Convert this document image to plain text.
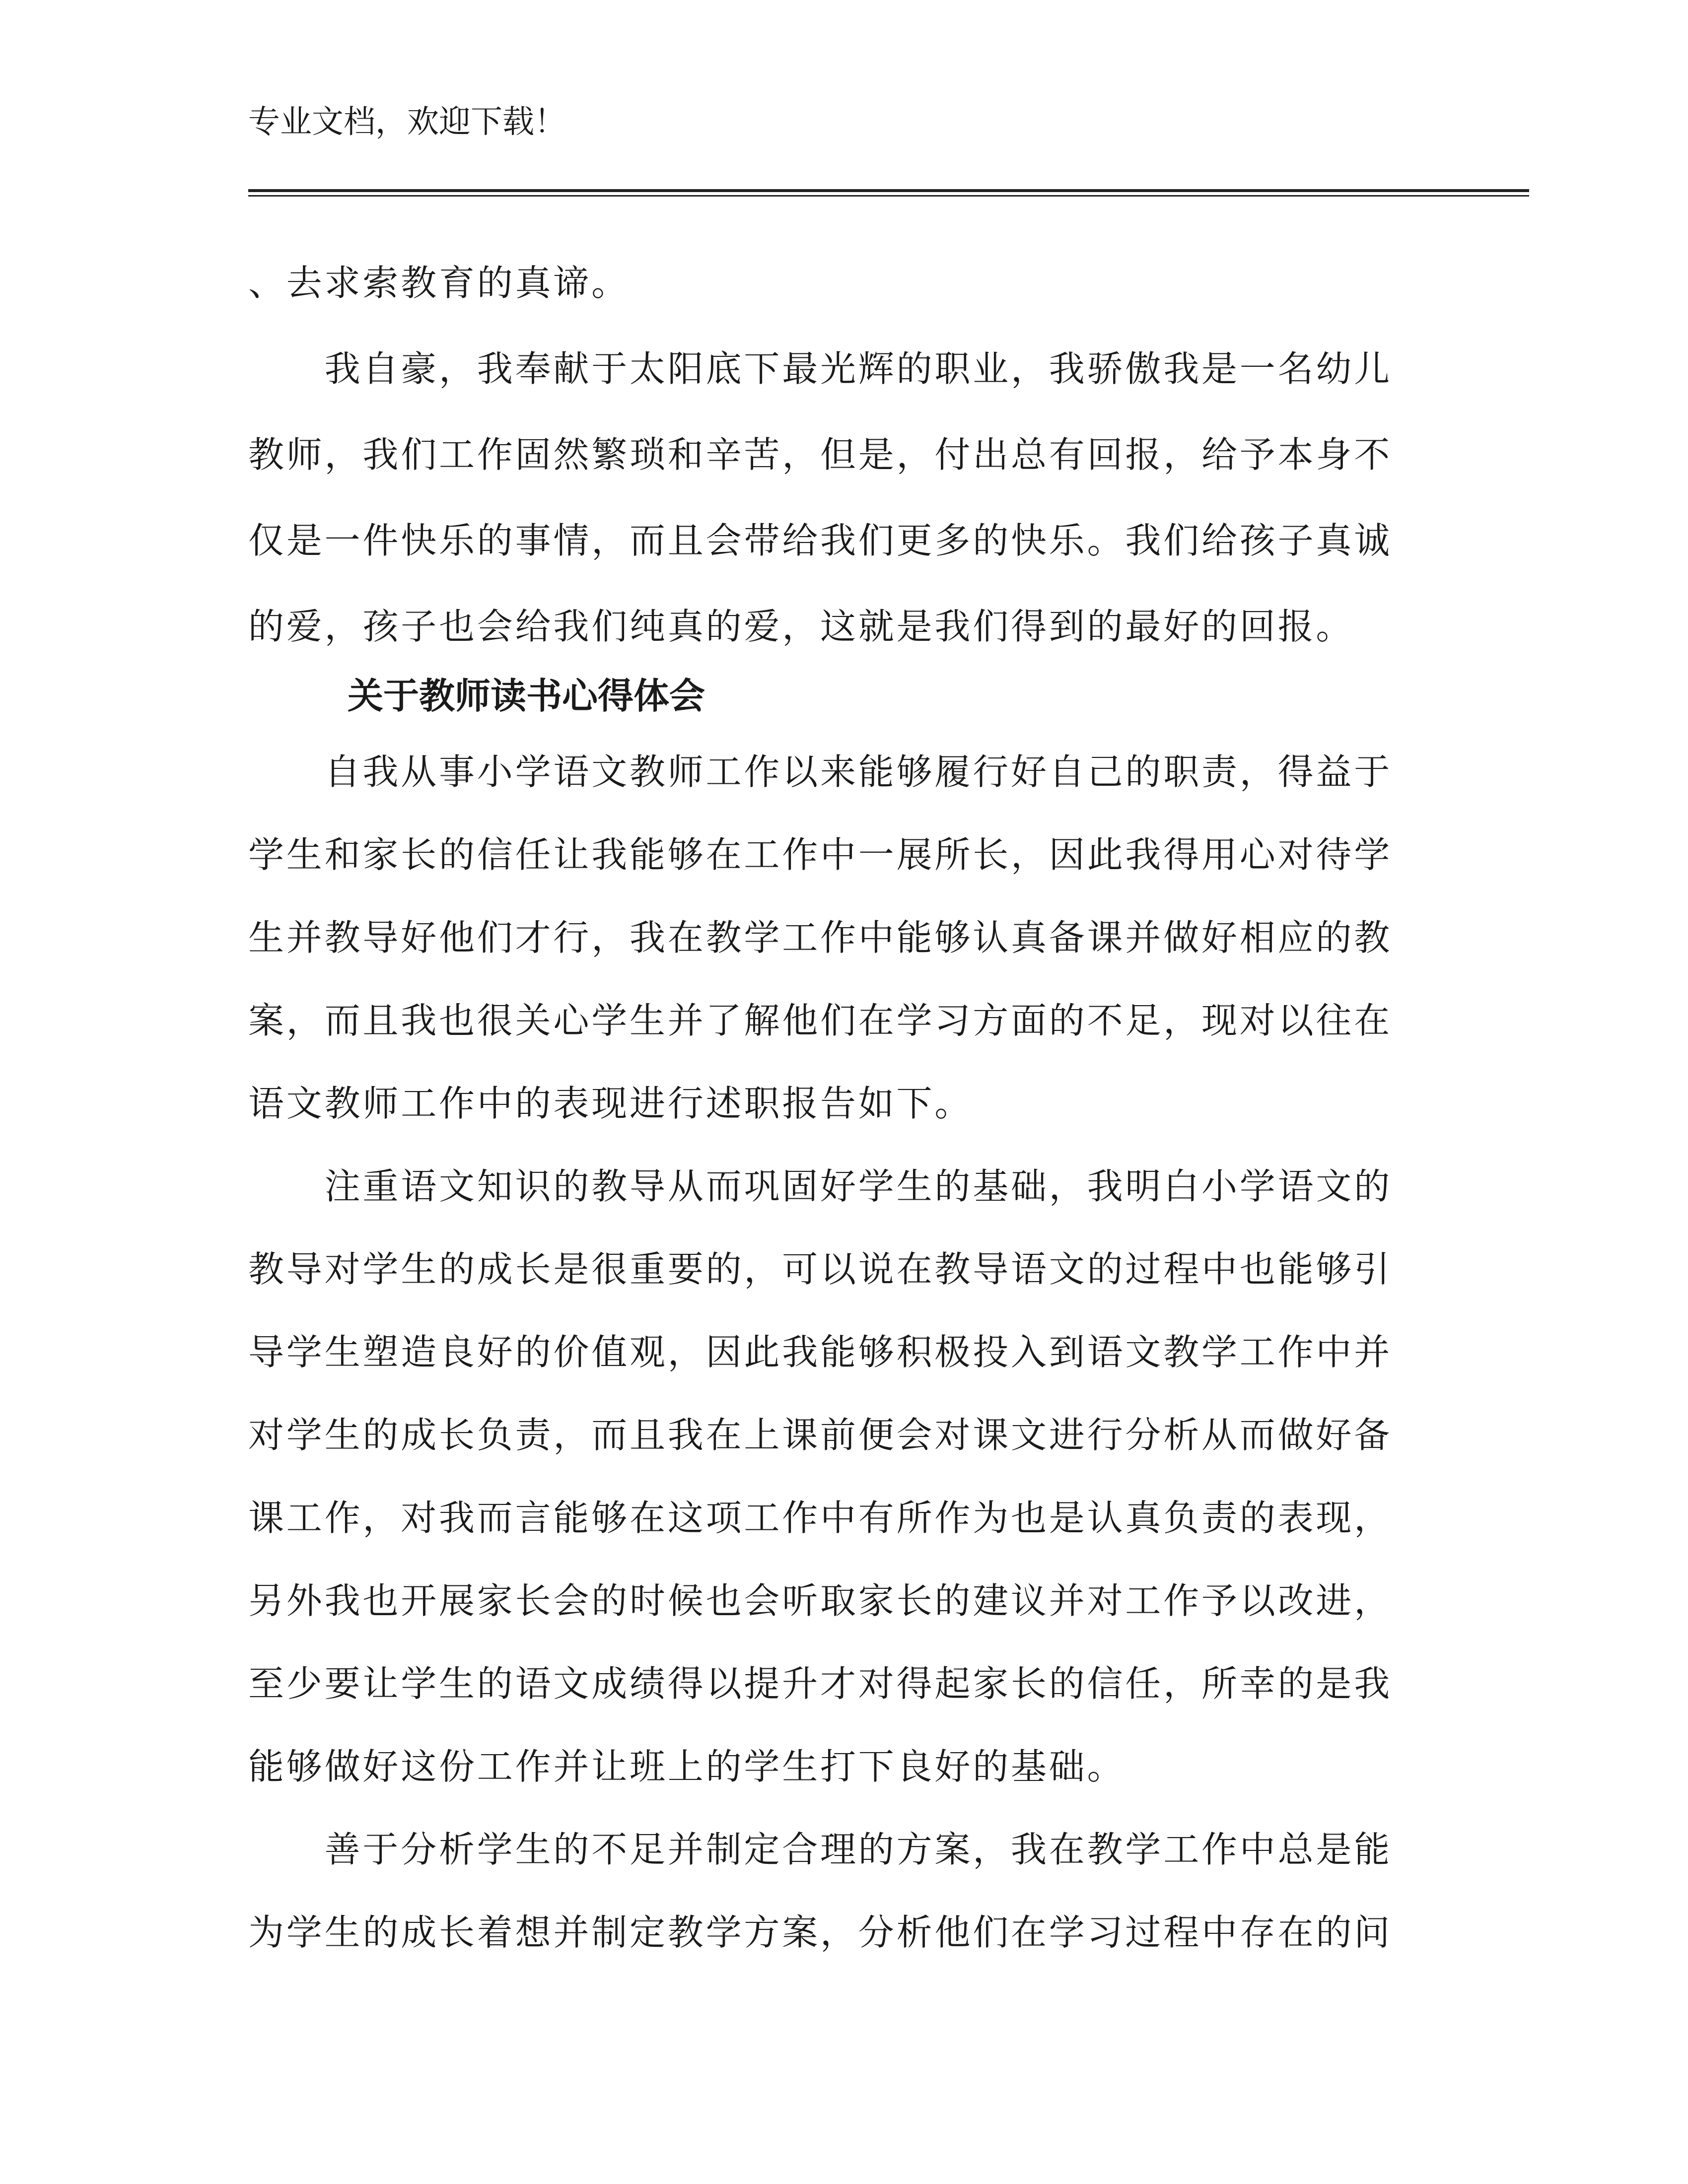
专业文档，欢迎下载！
、去求索教育的真谛。
　　我自豪，我奉献于太阳底下最光辉的职业，我骄傲我是一名幼儿
教师，我们工作固然繁琐和辛苦，但是，付出总有回报，给予本身不
仅是一件快乐的事情，而且会带给我们更多的快乐。我们给孩子真诚
的爱，孩子也会给我们纯真的爱，这就是我们得到的最好的回报。
关于教师读书心得体会
　　自我从事小学语文教师工作以来能够履行好自己的职责，得益于
学生和家长的信任让我能够在工作中一展所长，因此我得用心对待学
生并教导好他们才行，我在教学工作中能够认真备课并做好相应的教
案，而且我也很关心学生并了解他们在学习方面的不足，现对以往在
语文教师工作中的表现进行述职报告如下。
　　注重语文知识的教导从而巩固好学生的基础，我明白小学语文的
教导对学生的成长是很重要的，可以说在教导语文的过程中也能够引
导学生塑造良好的价值观，因此我能够积极投入到语文教学工作中并
对学生的成长负责，而且我在上课前便会对课文进行分析从而做好备
课工作，对我而言能够在这项工作中有所作为也是认真负责的表现，
另外我也开展家长会的时候也会听取家长的建议并对工作予以改进，
至少要让学生的语文成绩得以提升才对得起家长的信任，所幸的是我
能够做好这份工作并让班上的学生打下良好的基础。
　　善于分析学生的不足并制定合理的方案，我在教学工作中总是能
为学生的成长着想并制定教学方案，分析他们在学习过程中存在的问
